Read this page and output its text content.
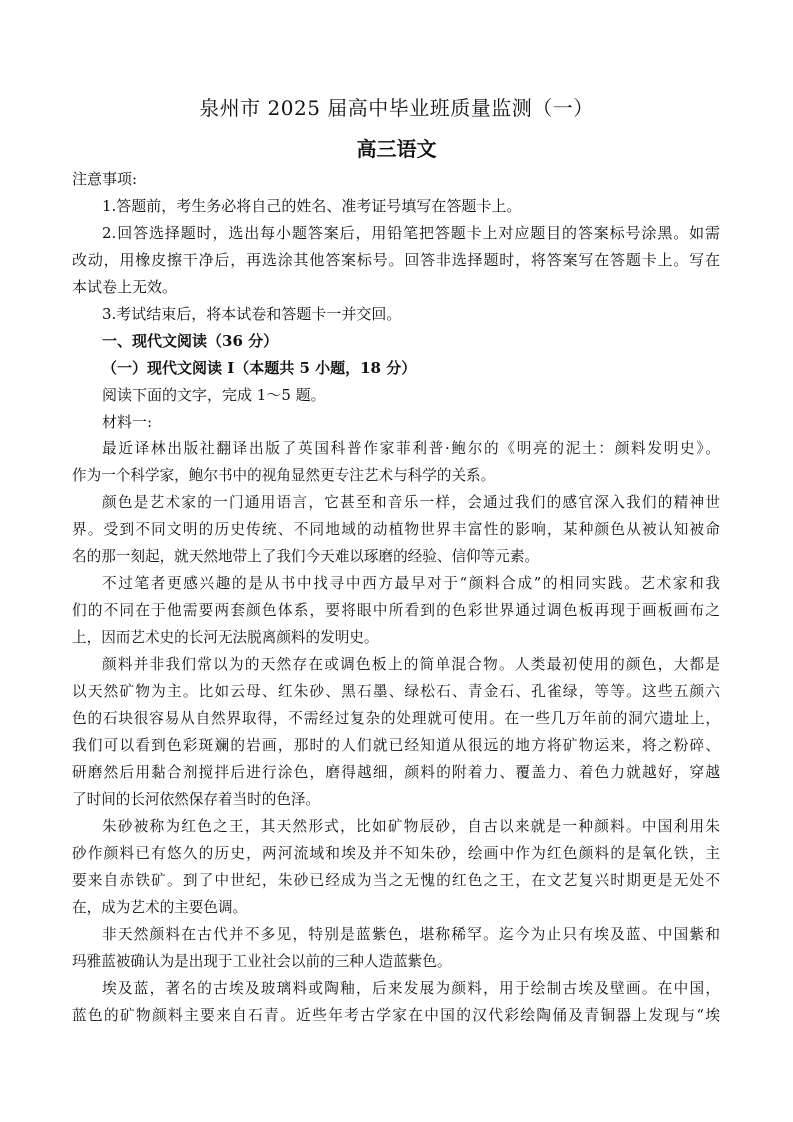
泉州市 2025 届高中毕业班质量监测（一）
高三语文
注意事项:
1.答题前，考生务必将自己的姓名、准考证号填写在答题卡上。
2.回答选择题时，选出每小题答案后，用铅笔把答题卡上对应题目的答案标号涂黑。如需
改动，用橡皮擦干净后，再选涂其他答案标号。回答非选择题时，将答案写在答题卡上。写在
本试卷上无效。
3.考试结束后，将本试卷和答题卡一并交回。
一、现代文阅读（36 分）
（一）现代文阅读 I（本题共 5 小题，18 分）
阅读下面的文字，完成 1～5 题。
材料一:
最近译林出版社翻译出版了英国科普作家菲利普·鲍尔的《明亮的泥土：颜料发明史》。
作为一个科学家，鲍尔书中的视角显然更专注艺术与科学的关系。
颜色是艺术家的一门通用语言，它甚至和音乐一样，会通过我们的感官深入我们的精神世
界。受到不同文明的历史传统、不同地域的动植物世界丰富性的影响，某种颜色从被认知被命
名的那一刻起，就天然地带上了我们今天难以琢磨的经验、信仰等元素。
不过笔者更感兴趣的是从书中找寻中西方最早对于“颜料合成”的相同实践。艺术家和我
们的不同在于他需要两套颜色体系，要将眼中所看到的色彩世界通过调色板再现于画板画布之
上，因而艺术史的长河无法脱离颜料的发明史。
颜料并非我们常以为的天然存在或调色板上的简单混合物。人类最初使用的颜色，大都是
以天然矿物为主。比如云母、红朱砂、黑石墨、绿松石、青金石、孔雀绿，等等。这些五颜六
色的石块很容易从自然界取得，不需经过复杂的处理就可使用。在一些几万年前的洞穴遗址上，
我们可以看到色彩斑斓的岩画，那时的人们就已经知道从很远的地方将矿物运来，将之粉碎、
研磨然后用黏合剂搅拌后进行涂色，磨得越细，颜料的附着力、覆盖力、着色力就越好，穿越
了时间的长河依然保存着当时的色泽。
朱砂被称为红色之王，其天然形式，比如矿物辰砂，自古以来就是一种颜料。中国利用朱
砂作颜料已有悠久的历史，两河流域和埃及并不知朱砂，绘画中作为红色颜料的是氧化铁，主
要来自赤铁矿。到了中世纪，朱砂已经成为当之无愧的红色之王，在文艺复兴时期更是无处不
在，成为艺术的主要色调。
非天然颜料在古代并不多见，特别是蓝紫色，堪称稀罕。迄今为止只有埃及蓝、中国紫和
玛雅蓝被确认为是出现于工业社会以前的三种人造蓝紫色。
埃及蓝，著名的古埃及玻璃料或陶釉，后来发展为颜料，用于绘制古埃及壁画。在中国，
蓝色的矿物颜料主要来自石青。近些年考古学家在中国的汉代彩绘陶俑及青铜器上发现与“埃
